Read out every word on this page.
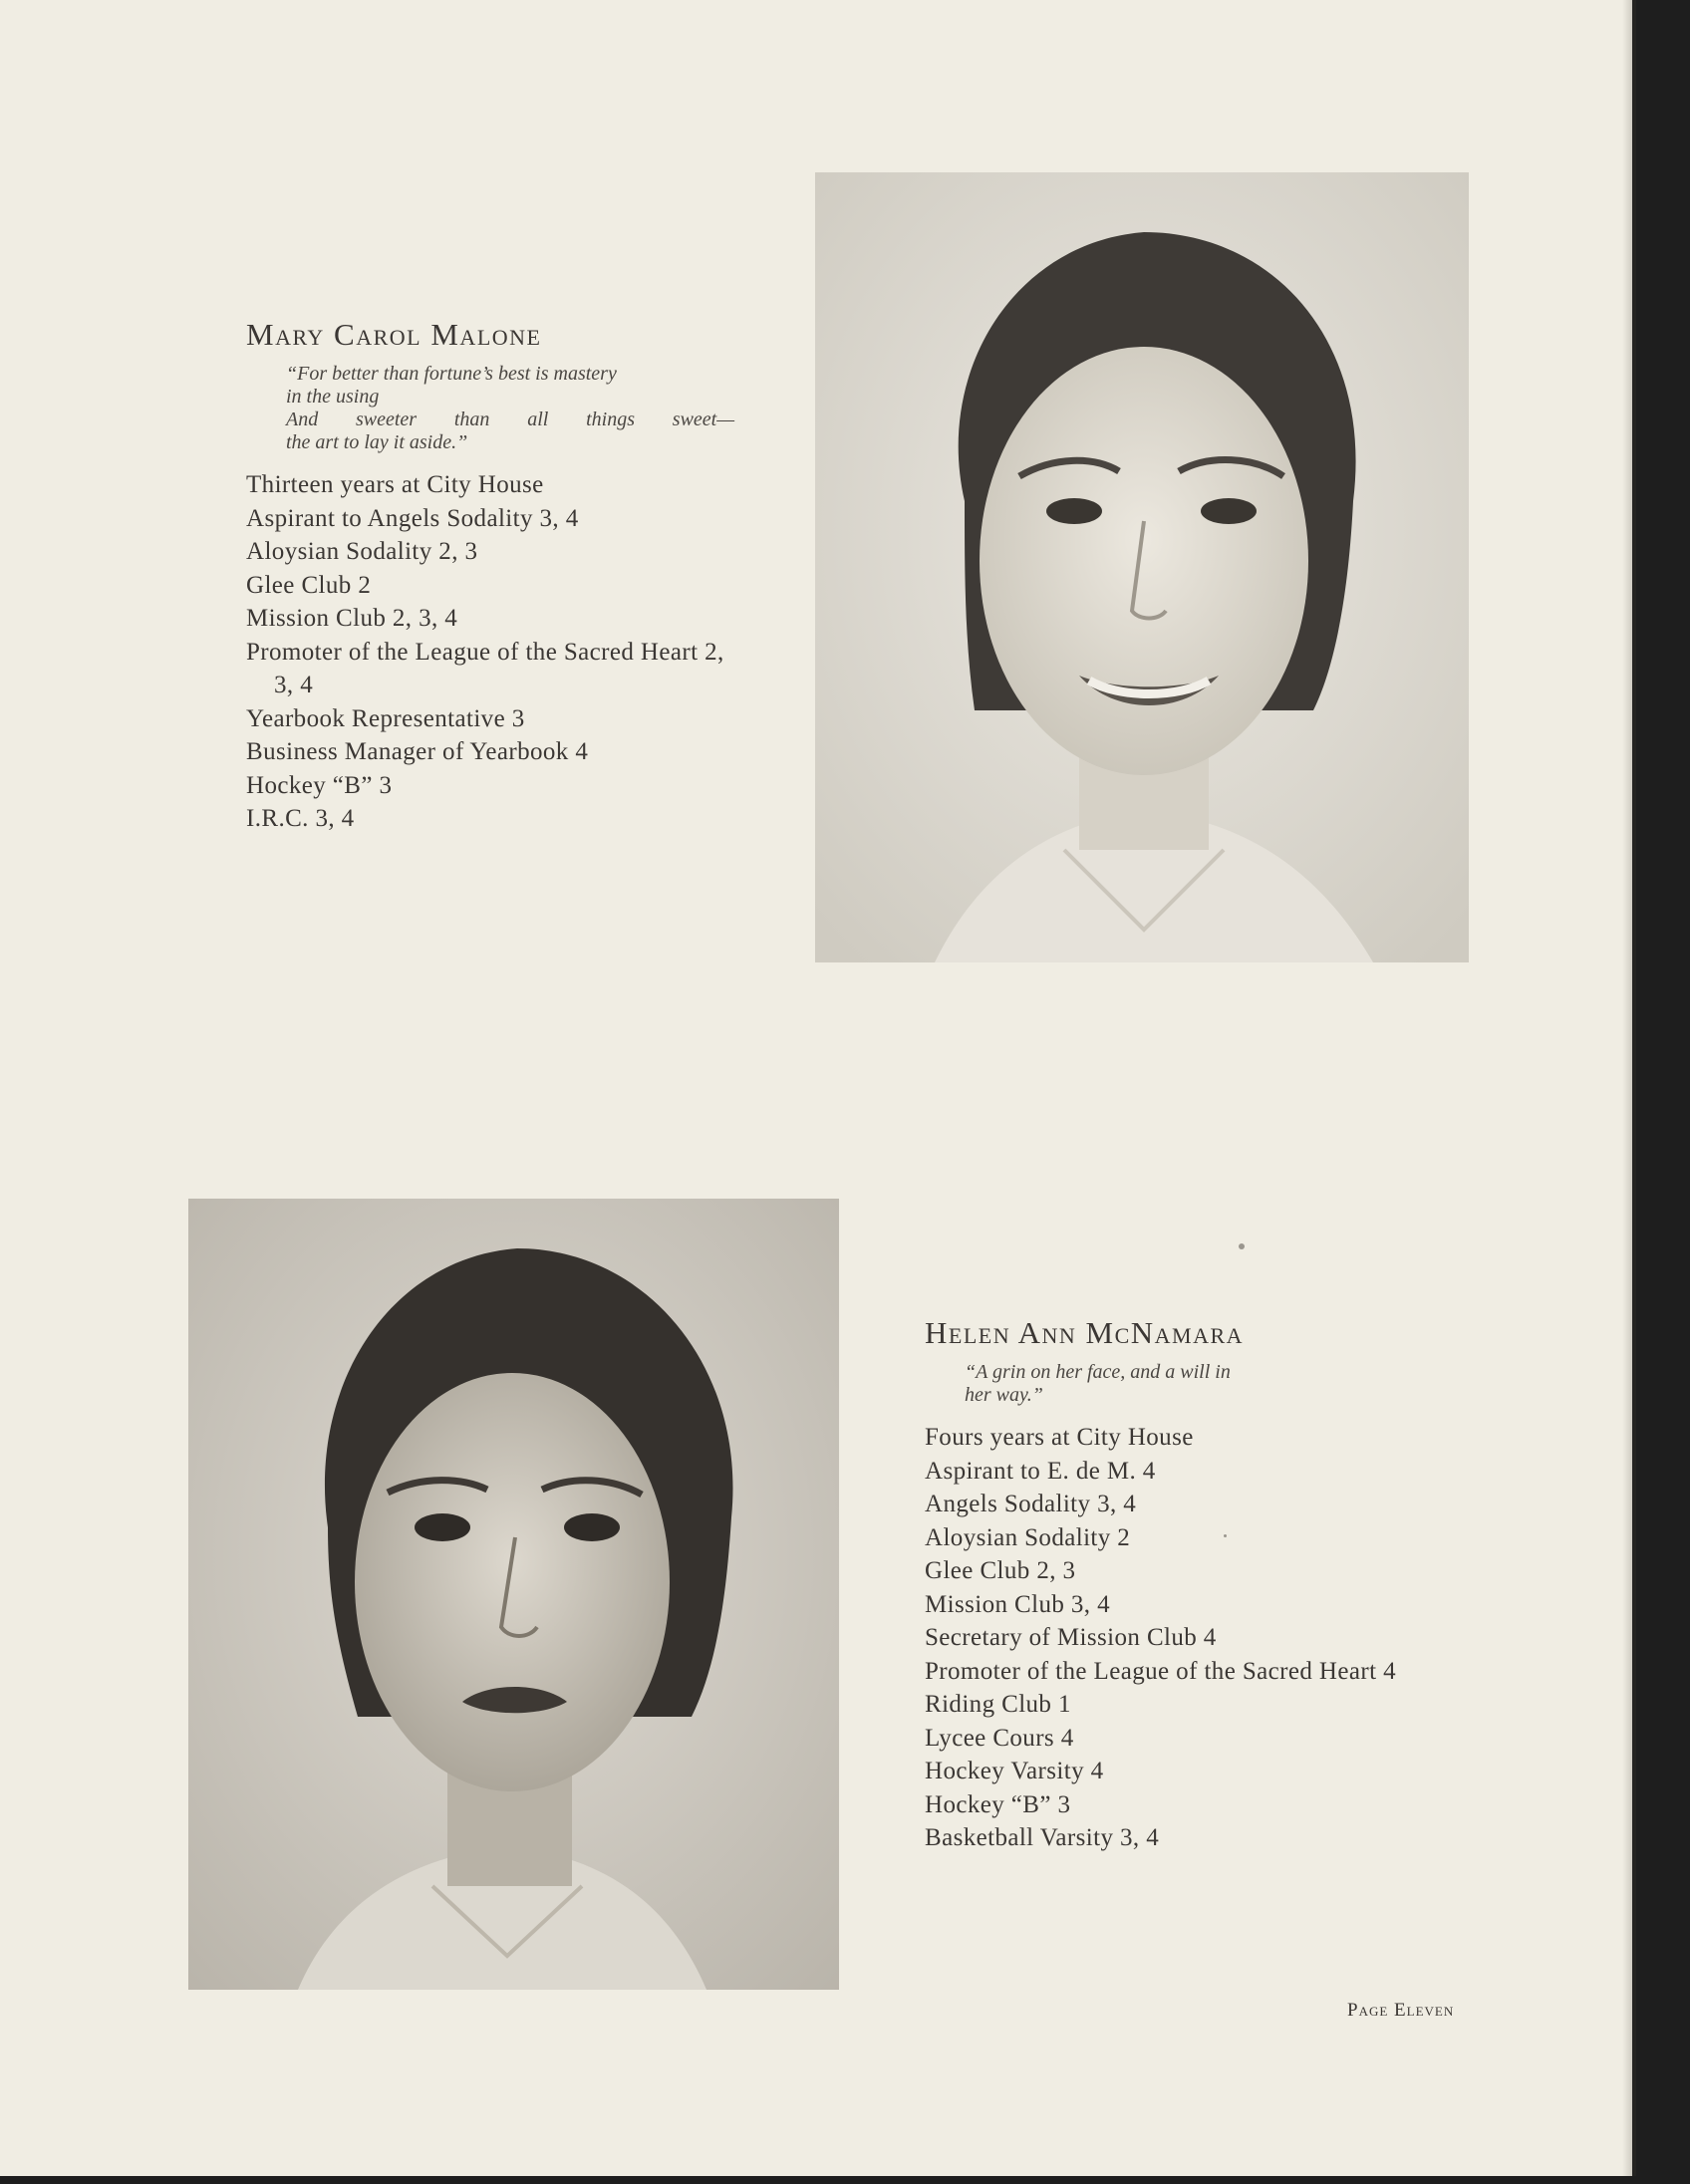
Mary Carol Malone
“For better than fortune’s best is mastery
in the using
And sweeter than all things sweet—
the art to lay it aside.”
Thirteen years at City House
Aspirant to Angels Sodality 3, 4
Aloysian Sodality 2, 3
Glee Club 2
Mission Club 2, 3, 4
Promoter of the League of the Sacred Heart 2, 3, 4
Yearbook Representative 3
Business Manager of Yearbook 4
Hockey “B” 3
I.R.C. 3, 4
Helen Ann McNamara
“A grin on her face, and a will in
her way.”
Fours years at City House
Aspirant to E. de M. 4
Angels Sodality 3, 4
Aloysian Sodality 2
Glee Club 2, 3
Mission Club 3, 4
Secretary of Mission Club 4
Promoter of the League of the Sacred Heart 4
Riding Club 1
Lycee Cours 4
Hockey Varsity 4
Hockey “B” 3
Basketball Varsity 3, 4
Page Eleven
